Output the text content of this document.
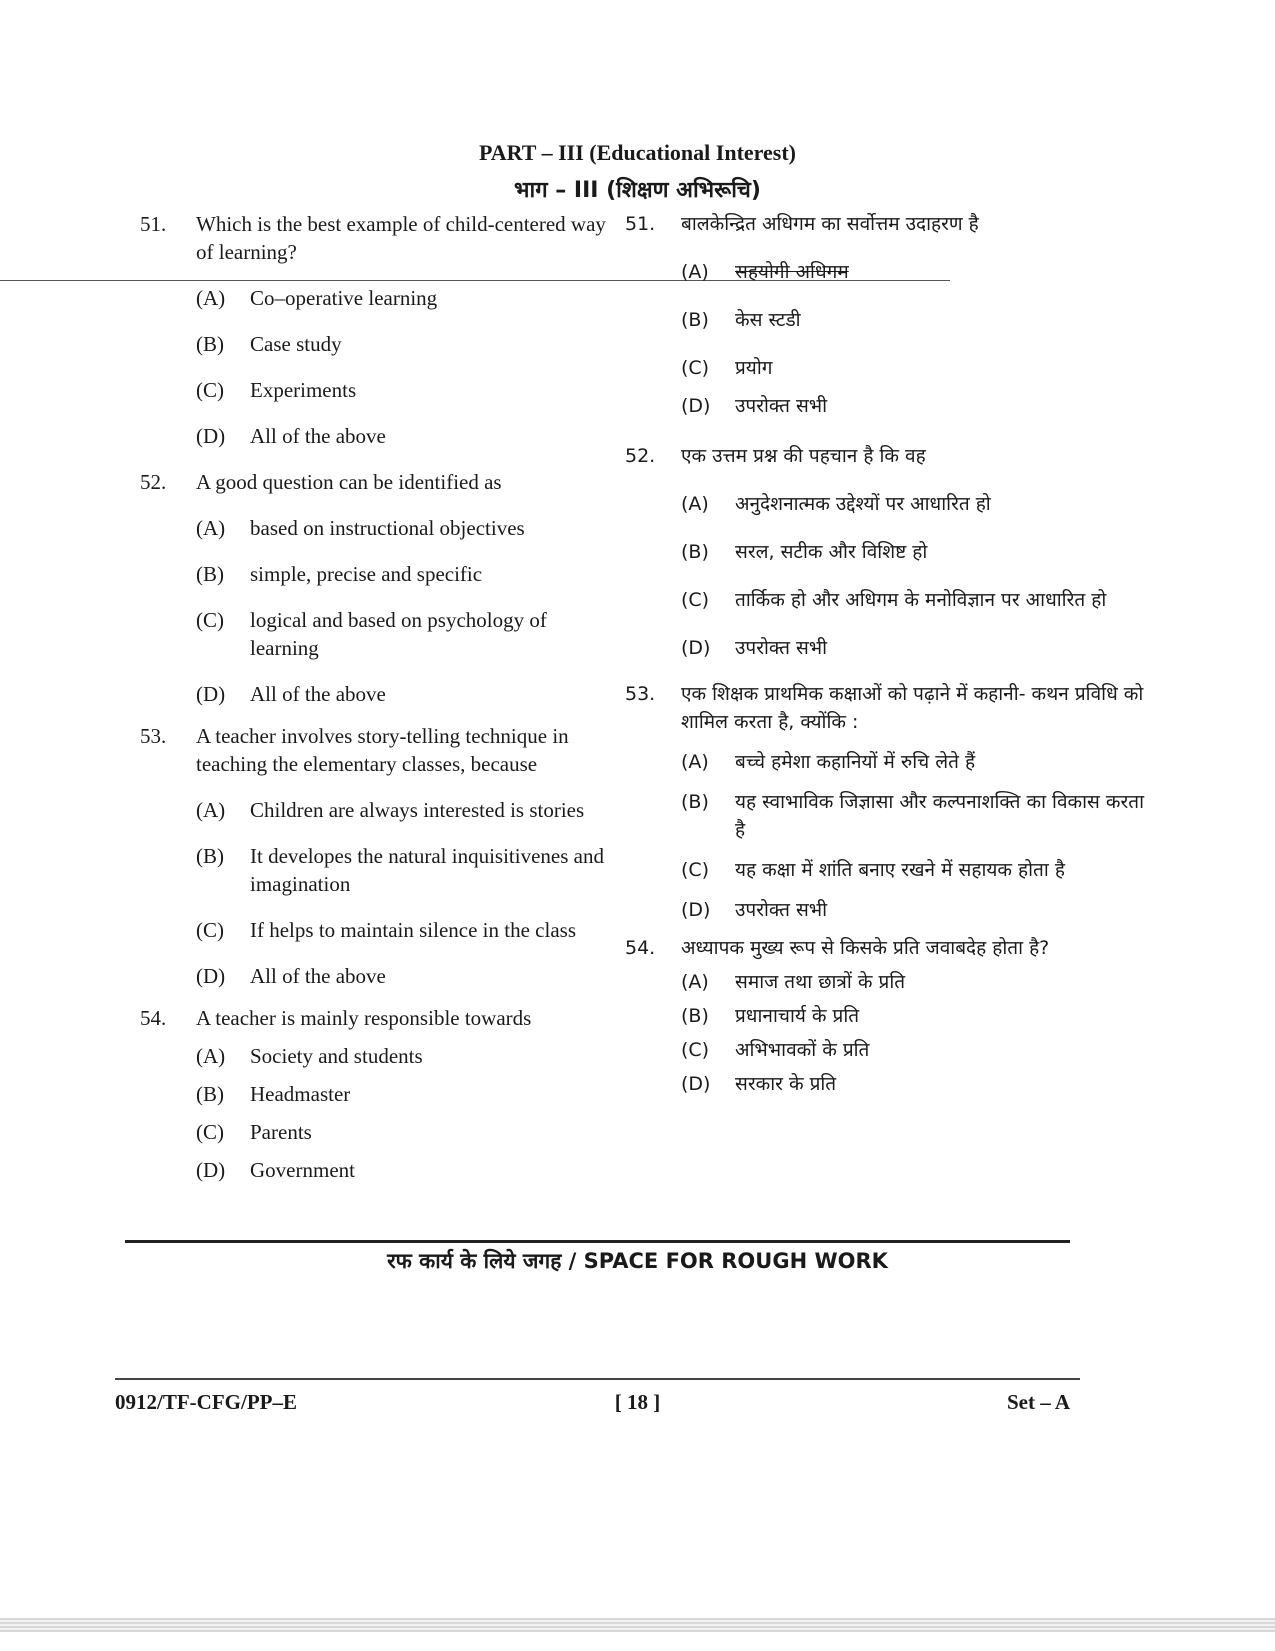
PART – III (Educational Interest)
भाग – III (शिक्षण अभिरूचि)
51.	Which is the best example of child-centered way of learning?
(A)	Co–operative learning
(B)	Case study
(C)	Experiments
(D)	All of the above
52.	A good question can be identified as
(A)	based on instructional objectives
(B)	simple, precise and specific
(C)	logical and based on psychology of learning
(D)	All of the above
53.	A teacher involves story-telling technique in teaching the elementary classes, because
(A)	Children are always interested is stories
(B)	It developes the natural inquisitivenes and imagination
(C)	If helps to maintain silence in the class
(D)	All of the above
54.	A teacher is mainly responsible towards
(A)	Society and students
(B)	Headmaster
(C)	Parents
(D)	Government
51.	बालकेन्द्रित अधिगम का सर्वोत्तम उदाहरण है
(A)	सहयोगी अधिगम
(B)	केस स्टडी
(C)	प्रयोग
(D)	उपरोक्त सभी
52.	एक उत्तम प्रश्न की पहचान है कि वह
(A)	अनुदेशनात्मक उद्देश्यों पर आधारित हो
(B)	सरल, सटीक और विशिष्ट हो
(C)	तार्किक हो और अधिगम के मनोविज्ञान पर आधारित हो
(D)	उपरोक्त सभी
53.	एक शिक्षक प्राथमिक कक्षाओं को पढ़ाने में कहानी- कथन प्रविधि को शामिल करता है, क्योंकि :
(A)	बच्चे हमेशा कहानियों में रुचि लेते हैं
(B)	यह स्वाभाविक जिज्ञासा और कल्पनाशक्ति का विकास करता है
(C)	यह कक्षा में शांति बनाए रखने में सहायक होता है
(D)	उपरोक्त सभी
54.	अध्यापक मुख्य रूप से किसके प्रति जवाबदेह होता है?
(A)	समाज तथा छात्रों के प्रति
(B)	प्रधानाचार्य के प्रति
(C)	अभिभावकों के प्रति
(D)	सरकार के प्रति
रफ कार्य के लिये जगह / SPACE FOR ROUGH WORK
0912/TF-CFG/PP–E	[ 18 ]	Set – A
